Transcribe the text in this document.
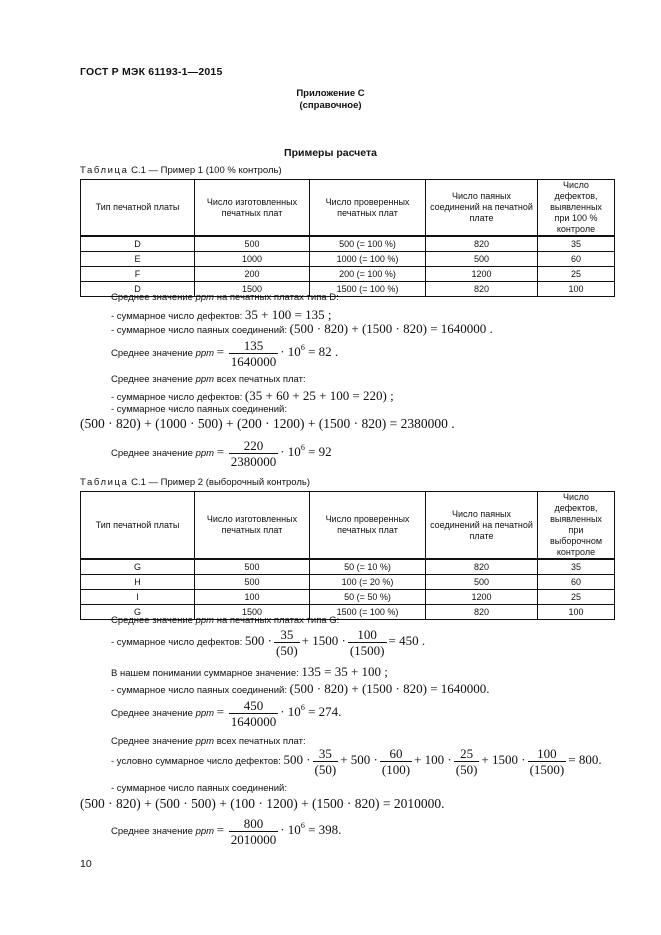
ГОСТ Р МЭК 61193-1—2015
Приложение С
(справочное)
Примеры расчета
Таблица С.1 — Пример 1 (100 % контроль)
Тип печатной платы	Число изготовленных печатных плат	Число проверенных печатных плат	Число паяных соединений на печатной плате	Число дефектов, выявленных при 100 % контроле
D	500	500 (= 100 %)	820	35
E	1000	1000 (= 100 %)	500	60
F	200	200 (= 100 %)	1200	25
D	1500	1500 (= 100 %)	820	100
Среднее значение ppm на печатных платах типа D:
- суммарное число дефектов: 35 + 100 = 135 ;
- суммарное число паяных соединений: (500 · 820) + (1500 · 820) = 1640000 .
Среднее значение ppm = $\frac{135}{1640000} \cdot 10^6 = 82$ .
Среднее значение ppm всех печатных плат:
- суммарное число дефектов: (35 + 60 + 25 + 100 = 220) ;
- суммарное число паяных соединений:
(500 · 820) + (1000 · 500) + (200 · 1200) + (1500 · 820) = 2380000 .
Среднее значение ppm = $\frac{220}{2380000} \cdot 10^6 = 92$
Таблица С.1 — Пример 2 (выборочный контроль)
Тип печатной платы	Число изготовленных печатных плат	Число проверенных печатных плат	Число паяных соединений на печатной плате	Число дефектов, выявленных при выборочном контроле
G	500	50 (= 10 %)	820	35
H	500	100 (= 20 %)	500	60
I	100	50 (= 50 %)	1200	25
G	1500	1500 (= 100 %)	820	100
Среднее значение ppm на печатных платах типа G:
- суммарное число дефектов: $500 \cdot \frac{35}{(50)} + 1500 \cdot \frac{100}{(1500)} = 450$ .
В нашем понимании суммарное значение: 135 = 35 + 100 ;
- суммарное число паяных соединений: (500 · 820) + (1500 · 820) = 1640000.
Среднее значение ppm = $\frac{450}{1640000} \cdot 10^6 = 274$.
Среднее значение ppm всех печатных плат:
- условно суммарное число дефектов: $500 \cdot \frac{35}{(50)} + 500 \cdot \frac{60}{(100)} + 100 \cdot \frac{25}{(50)} + 1500 \cdot \frac{100}{(1500)} = 800$.
- суммарное число паяных соединений:
(500 · 820) + (500 · 500) + (100 · 1200) + (1500 · 820) = 2010000.
Среднее значение ppm = $\frac{800}{2010000} \cdot 10^6 = 398$.
10
